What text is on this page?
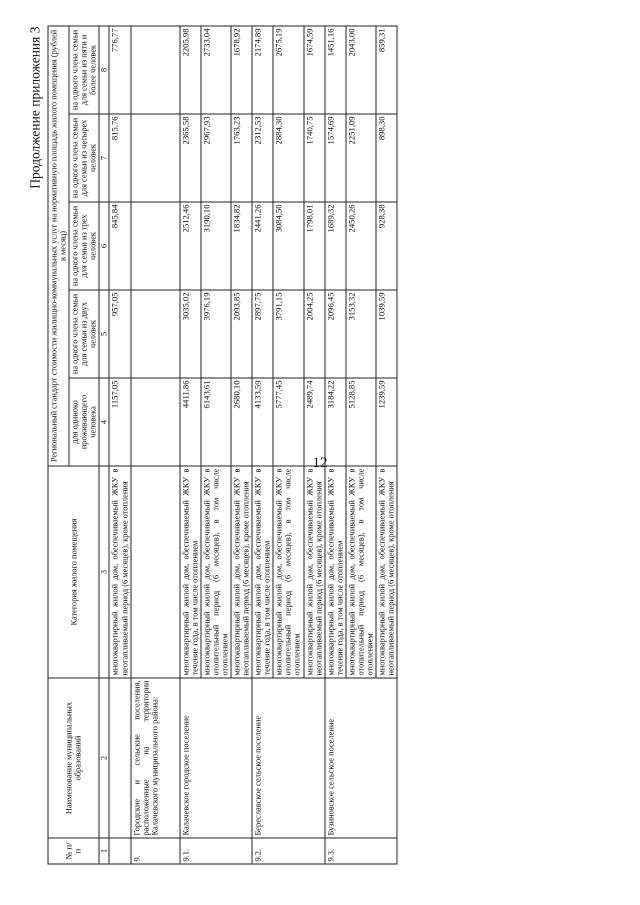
12
Продолжение приложения 3
№ п/п	Наименование муниципальных образований	Категория жилого помещения	Региональный стандарт стоимости жилищно-коммунальных услуг на нормативную площадь жилого помещения (рублей в месяц)				
			для одиноко проживающего человека	на одного члена семьи для семьи из двух человек	на одного члена семьи для семьи из трех человек	на одного члена семьи для семьи из четырех человек	на одного члена семьи для семьи из пяти и более человек
1	2	3	4	5	6	7	8
		многоквартирный жилой дом, обеспечиваемый ЖКУ в неотапливаемый период (6 месяцев), кроме отопления	1157,05	957,05	845,84	815,76	776,77
9.	Городские и сельские поселения, расположенные на территории Калачевского муниципального района:						
9.1.	Калачевское городское поселение	многоквартирный жилой дом, обеспечиваемый ЖКУ в течение года, в том числе отоплением	4411,86	3035,02	2512,46	2365,58	2205,98
		многоквартирный жилой дом, обеспечиваемый ЖКУ в отопительный период (6 месяцев), в том числе отоплением	6143,61	3976,19	3190,10	2967,93	2733,04
		многоквартирный жилой дом, обеспечиваемый ЖКУ в неотапливаемый период (6 месяцев), кроме отопления	2680,10	2093,85	1834,82	1763,23	1678,92
9.2.	Береславское сельское поселение	многоквартирный жилой дом, обеспечиваемый ЖКУ в течение года, в том числе отоплением	4133,59	2897,75	2441,26	2312,53	2174,89
		многоквартирный жилой дом, обеспечиваемый ЖКУ в отопительный период (6 месяцев), в том числе отоплением	5777,45	3791,15	3084,50	2884,30	2675,19
		многоквартирный жилой дом, обеспечиваемый ЖКУ в неотапливаемый период (6 месяцев), кроме отопления	2489,74	2004,25	1798,01	1740,75	1674,59
9.3.	Бузиновское сельское поселение	многоквартирный жилой дом, обеспечиваемый ЖКУ в течение года, в том числе отоплением	3184,22	2096,45	1689,32	1574,69	1451,16
		многоквартирный жилой дом, обеспечиваемый ЖКУ в отопительный период (6 месяцев), в том числе отоплением	5128,85	3153,32	2450,26	2251,09	2043,00
		многоквартирный жилой дом, обеспечиваемый ЖКУ в неотапливаемый период (6 месяцев), кроме отопления	1239,59	1039,59	928,38	898,30	859,31
